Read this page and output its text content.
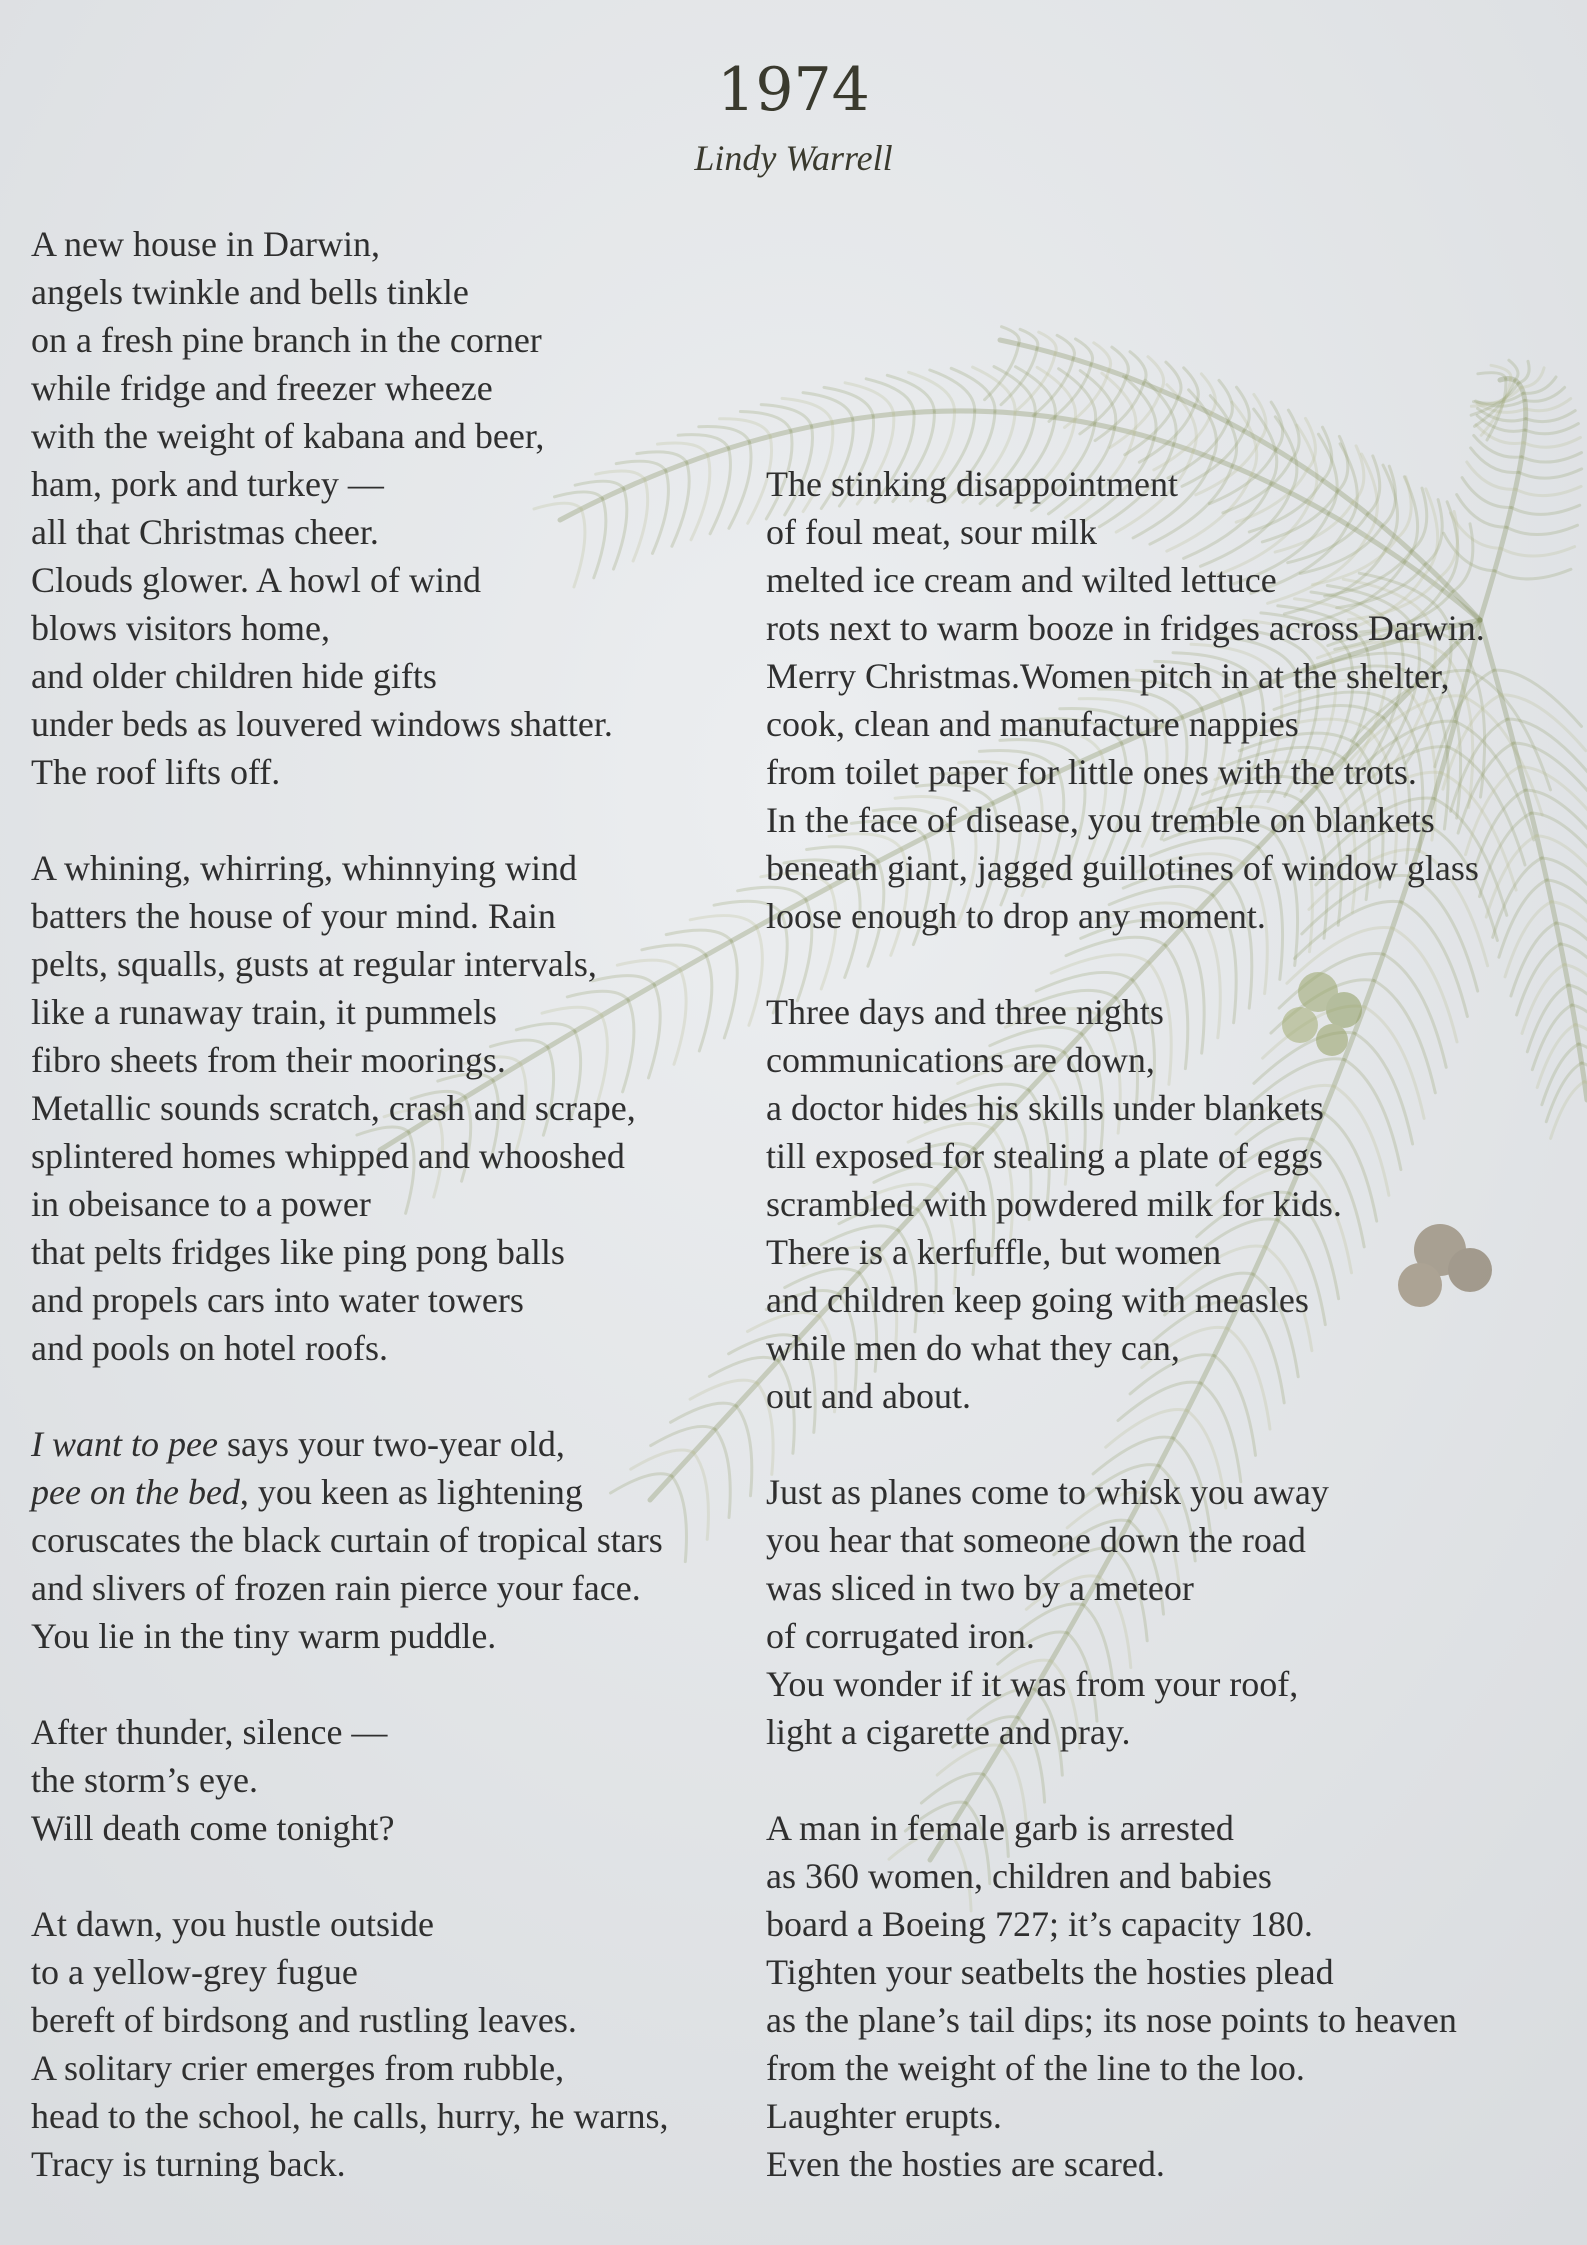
1974
Lindy Warrell
A new house in Darwin,
angels twinkle and bells tinkle
on a fresh pine branch in the corner
while fridge and freezer wheeze
with the weight of kabana and beer,
ham, pork and turkey —
all that Christmas cheer.
Clouds glower. A howl of wind
blows visitors home,
and older children hide gifts
under beds as louvered windows shatter.
The roof lifts off.
A whining, whirring, whinnying wind
batters the house of your mind. Rain
pelts, squalls, gusts at regular intervals,
like a runaway train, it pummels
fibro sheets from their moorings.
Metallic sounds scratch, crash and scrape,
splintered homes whipped and whooshed
in obeisance to a power
that pelts fridges like ping pong balls
and propels cars into water towers
and pools on hotel roofs.
I want to pee says your two-year old,
pee on the bed, you keen as lightening
coruscates the black curtain of tropical stars
and slivers of frozen rain pierce your face.
You lie in the tiny warm puddle.
After thunder, silence —
the storm’s eye.
Will death come tonight?
At dawn, you hustle outside
to a yellow-grey fugue
bereft of birdsong and rustling leaves.
A solitary crier emerges from rubble,
head to the school, he calls, hurry, he warns,
Tracy is turning back.
The stinking disappointment
of foul meat, sour milk
melted ice cream and wilted lettuce
rots next to warm booze in fridges across Darwin.
Merry Christmas.Women pitch in at the shelter,
cook, clean and manufacture nappies
from toilet paper for little ones with the trots.
In the face of disease, you tremble on blankets
beneath giant, jagged guillotines of window glass
loose enough to drop any moment.
Three days and three nights
communications are down,
a doctor hides his skills under blankets
till exposed for stealing a plate of eggs
scrambled with powdered milk for kids.
There is a kerfuffle, but women
and children keep going with measles
while men do what they can,
out and about.
Just as planes come to whisk you away
you hear that someone down the road
was sliced in two by a meteor
of corrugated iron.
You wonder if it was from your roof,
light a cigarette and pray.
A man in female garb is arrested
as 360 women, children and babies
board a Boeing 727; it’s capacity 180.
Tighten your seatbelts the hosties plead
as the plane’s tail dips; its nose points to heaven
from the weight of the line to the loo.
Laughter erupts.
Even the hosties are scared.
